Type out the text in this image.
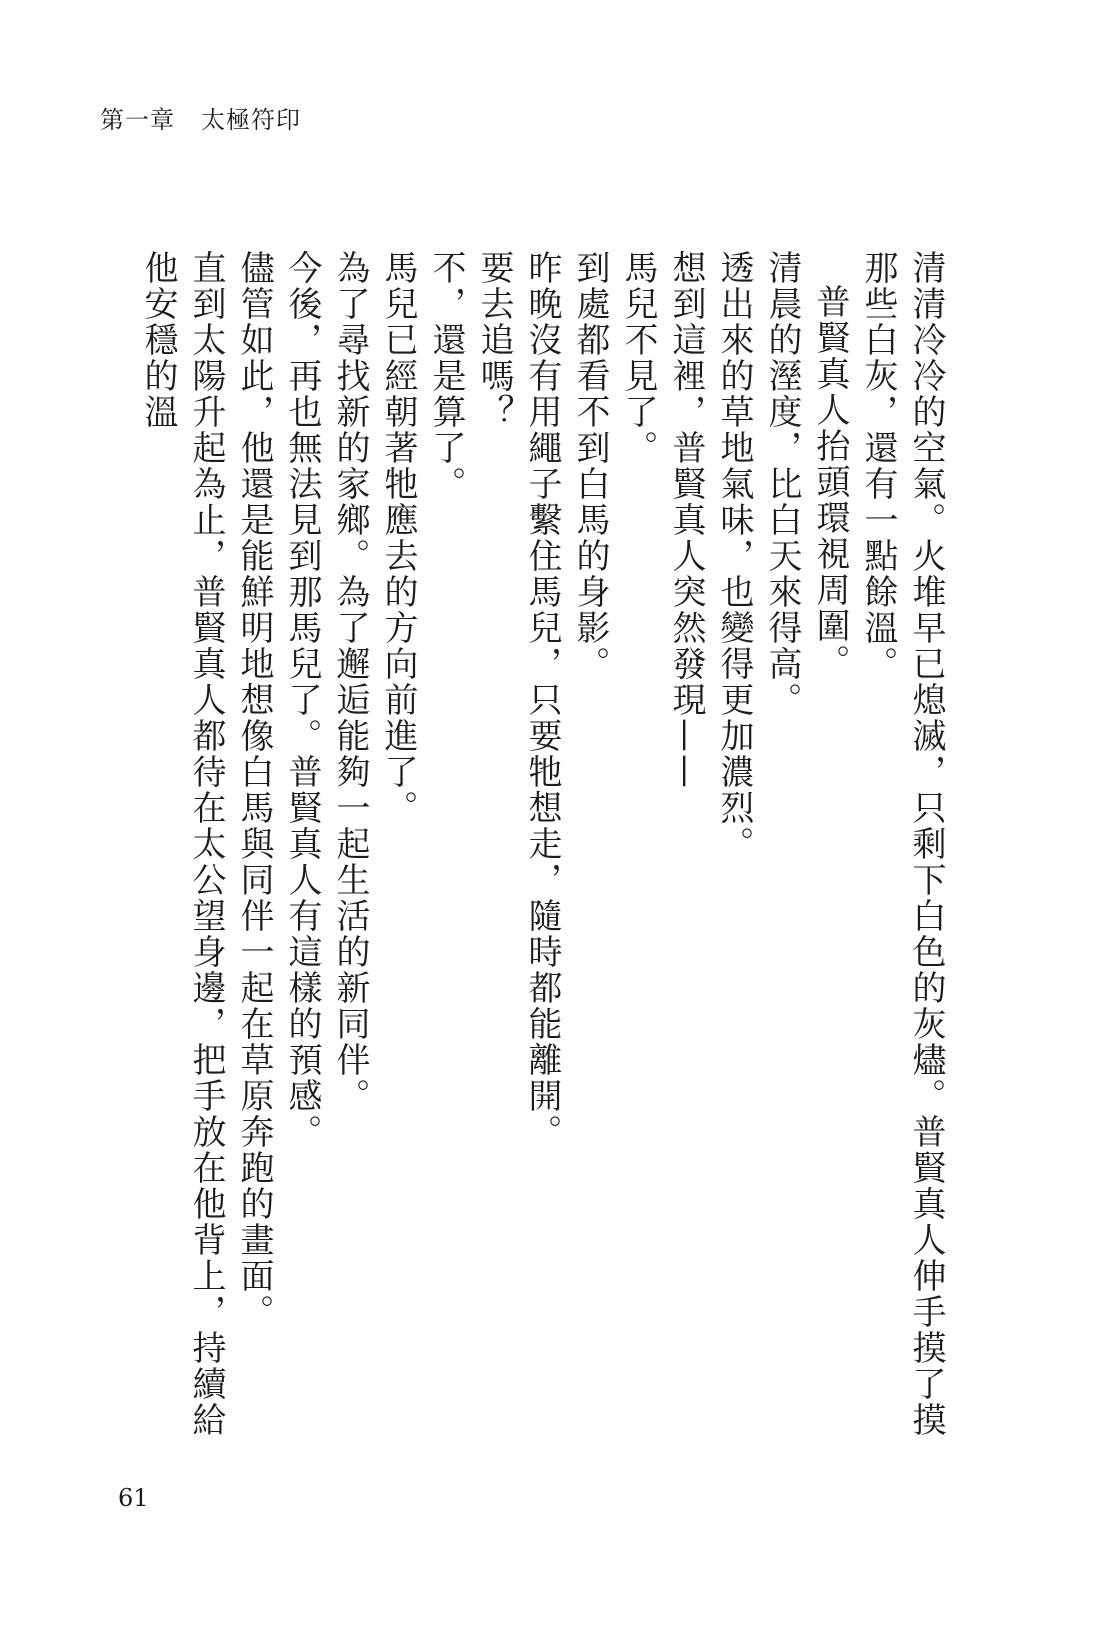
第一章 太極符印

清清冷冷的空氣。火堆早已熄滅，只剩下白色的灰燼。普賢真人伸手摸了摸那些白灰，還有一點餘溫。

普賢真人抬頭環視周圍。

清晨的溼度，比白天來得高。

透出來的草地氣味，也變得更加濃烈。

想到這裡，普賢真人突然發現——

馬兒不見了。

到處都看不到白馬的身影。

昨晚沒有用繩子繫住馬兒，只要牠想走，隨時都能離開。

要去追嗎？

不，還是算了。

馬兒已經朝著牠應去的方向前進了。

為了尋找新的家鄉。為了邂逅能夠一起生活的新同伴。

今後，再也無法見到那馬兒了。普賢真人有這樣的預感。

儘管如此，他還是能鮮明地想像白馬與同伴一起在草原奔跑的畫面。

直到太陽升起為止，普賢真人都待在太公望身邊，把手放在他背上，持續給他安穩的溫

61
